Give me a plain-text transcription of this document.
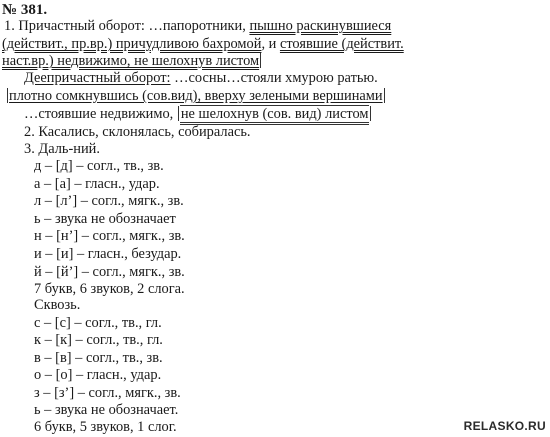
№ 381.
1. Причастный оборот: …папоротники, пышно раскинувшиеся
(действит., пр.вр.) причудливою бахромой, и стоявшие (действит.
наст.вр.) недвижимо, не шелохнув листом
Деепричастный оборот: …сосны…стояли хмурою ратью.
плотно сомкнувшись (сов.вид), вверху зелеными вершинами
…стоявшие недвижимо, не шелохнув (сов. вид) листом
2. Касались, склонялась, собиралась.
3. Даль-ний.
д – [д] – согл., тв., зв.
а – [а] – гласн., удар.
л – [л’] – согл., мягк., зв.
ь – звука не обозначает
н – [н’] – согл., мягк., зв.
и – [и] – гласн., безудар.
й – [й’] – согл., мягк., зв.
7 букв, 6 звуков, 2 слога.
Сквозь.
с – [с] – согл., тв., гл.
к – [к] – согл., тв., гл.
в – [в] – согл., тв., зв.
о – [о] – гласн., удар.
з – [з’] – согл., мягк., зв.
ь – звука не обозначает.
6 букв, 5 звуков, 1 слог.	RELASKO.RU
